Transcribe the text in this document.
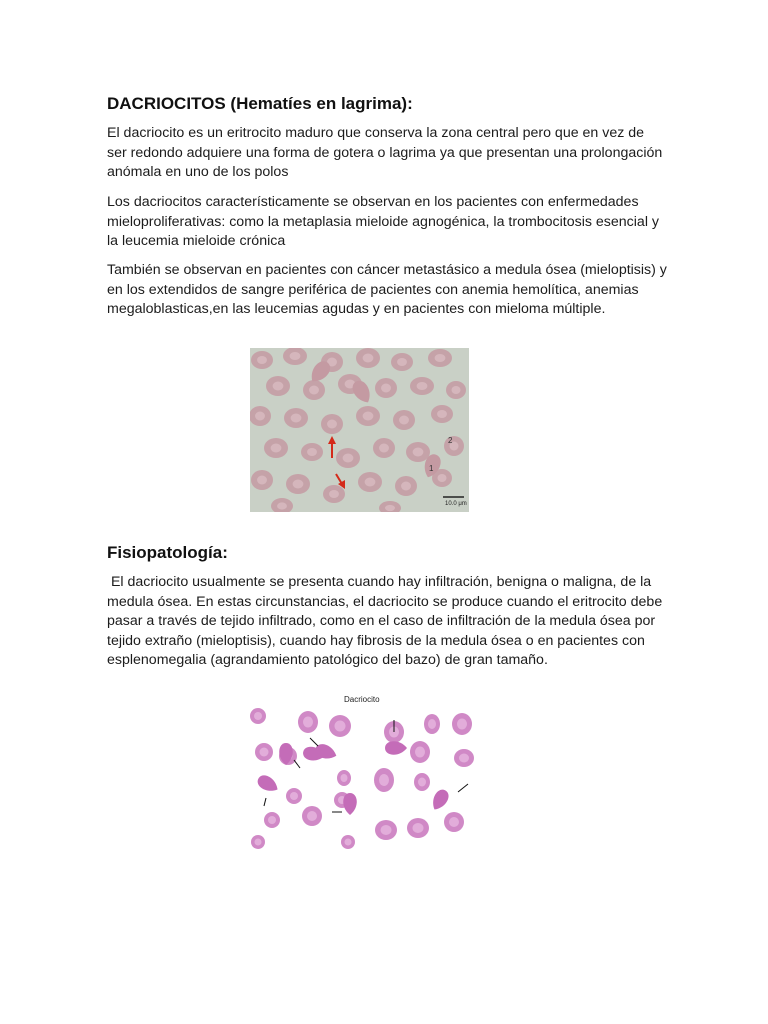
DACRIOCITOS (Hematíes en lagrima):

El dacriocito es un eritrocito maduro que conserva la zona central pero que en vez de ser redondo adquiere una forma de gotera o lagrima ya que presentan una prolongación anómala en uno de los polos

Los dacriocitos característicamente se observan en los pacientes con enfermedades mieloproliferativas: como la metaplasia mieloide agnogénica, la trombocitosis esencial y la leucemia mieloide crónica

También se observan en pacientes con cáncer metastásico a medula ósea (mieloptisis) y en los extendidos de sangre periférica de pacientes con anemia hemolítica, anemias megaloblasticas,en las leucemias agudas y en pacientes con mieloma múltiple.

2
1
10.0 μm
Fisiopatología:

El dacriocito usualmente se presenta cuando hay infiltración, benigna o maligna, de la medula ósea. En estas circunstancias, el dacriocito se produce cuando el eritrocito debe pasar a través de tejido infiltrado, como en el caso de infiltración de la medula ósea por tejido extraño (mieloptisis), cuando hay fibrosis de la medula ósea o en pacientes con esplenomegalia (agrandamiento patológico del bazo) de gran tamaño.

Dacriocito
